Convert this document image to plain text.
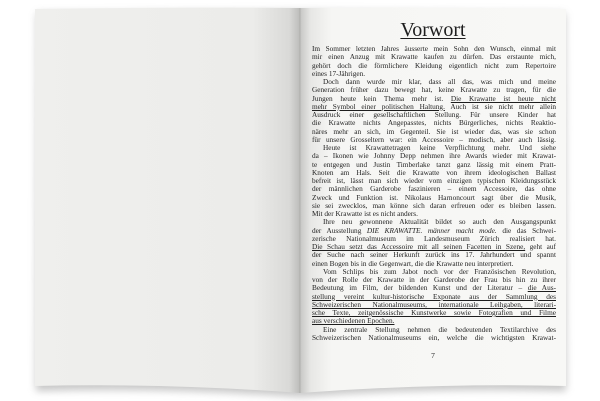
Vorwort
Im Sommer letzten Jahres äusserte mein Sohn den Wunsch, einmal mit
mir einen Anzug mit Krawatte kaufen zu dürfen. Das erstaunte mich,
gehört doch die förmlichere Kleidung eigentlich nicht zum Repertoire
eines 17-Jährigen.
Doch dann wurde mir klar, dass all das, was mich und meine
Generation früher dazu bewegt hat, keine Krawatte zu tragen, für die
Jungen heute kein Thema mehr ist. Die Krawatte ist heute nicht
mehr Symbol einer politischen Haltung. Auch ist sie nicht mehr allein
Ausdruck einer gesellschaftlichen Stellung. Für unsere Kinder hat
die Krawatte nichts Angepasstes, nichts Bürgerliches, nichts Reaktio-
näres mehr an sich, im Gegenteil. Sie ist wieder das, was sie schon
für unsere Grosseltern war: ein Accessoire – modisch, aber auch lässig.
Heute ist Krawattetragen keine Verpflichtung mehr. Und siehe
da – Ikonen wie Johnny Depp nehmen ihre Awards wieder mit Krawat-
te entgegen und Justin Timberlake tanzt ganz lässig mit einem Pratt-
Knoten am Hals. Seit die Krawatte von ihrem ideologischen Ballast
befreit ist, lässt man sich wieder vom einzigen typischen Kleidungsstück
der männlichen Garderobe faszinieren – einem Accessoire, das ohne
Zweck und Funktion ist. Nikolaus Harnoncourt sagt über die Musik,
sie sei zwecklos, man könne sich daran erfreuen oder es bleiben lassen.
Mit der Krawatte ist es nicht anders.
Ihre neu gewonnene Aktualität bildet so auch den Ausgangspunkt
der Ausstellung DIE KRAWATTE. männer macht mode. die das Schwei-
zerische Nationalmuseum im Landesmuseum Zürich realisiert hat.
Die Schau setzt das Accessoire mit all seinen Facetten in Szene, geht auf
der Suche nach seiner Herkunft zurück ins 17. Jahrhundert und spannt
einen Bogen bis in die Gegenwart, die die Krawatte neu interpretiert.
Vom Schlips bis zum Jabot noch vor der Französischen Revolution,
von der Rolle der Krawatte in der Garderobe der Frau bis hin zu ihrer
Bedeutung im Film, der bildenden Kunst und der Literatur – die Aus-
stellung vereint kultur-historische Exponate aus der Sammlung des
Schweizerischen Nationalmuseums, internationale Leihgaben, literari-
sche Texte, zeitgenössische Kunstwerke sowie Fotografien und Filme
aus verschiedenen Epochen.
Eine zentrale Stellung nehmen die bedeutenden Textilarchive des
Schweizerischen Nationalmuseums ein, welche die wichtigsten Krawat-
7
